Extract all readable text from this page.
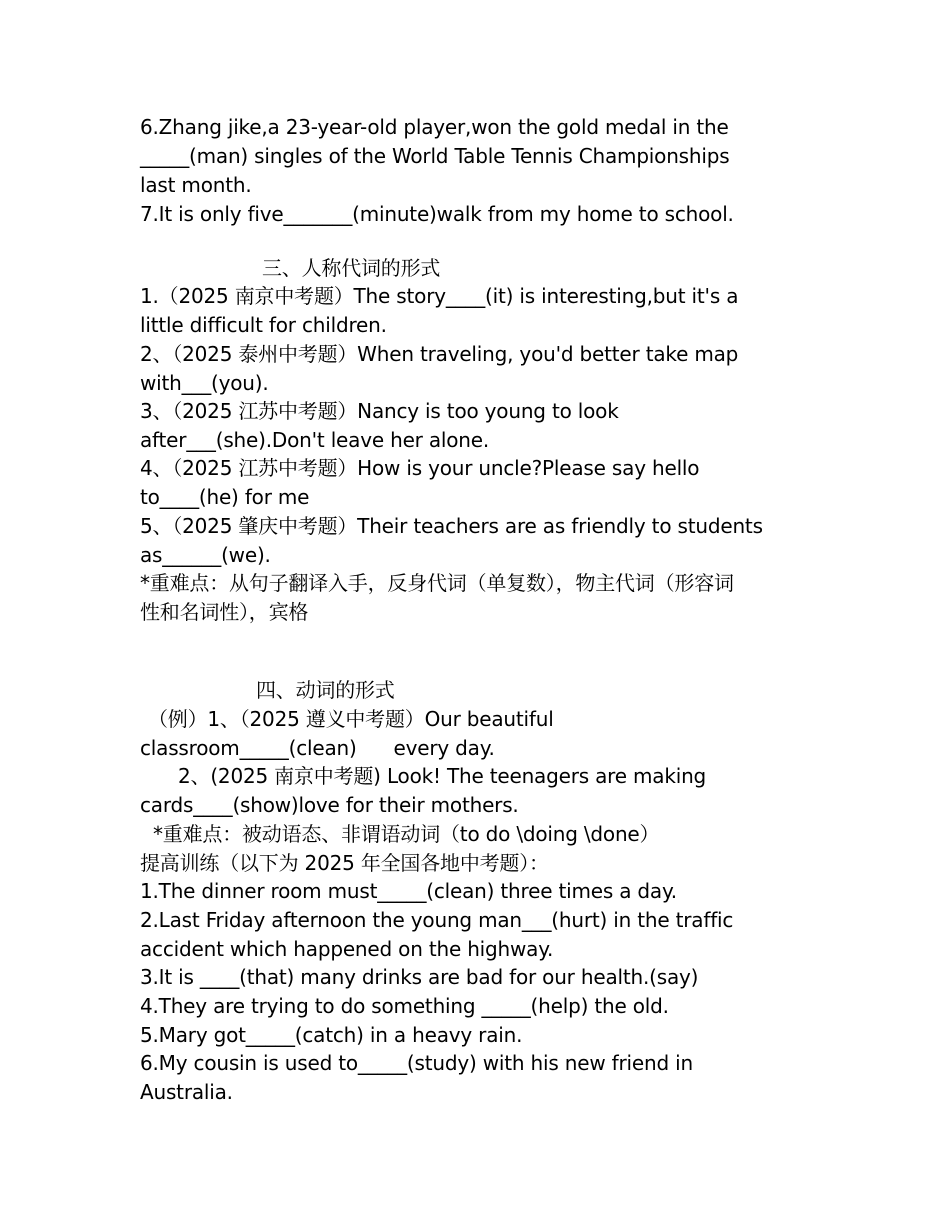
6.Zhang jike,a 23-year-old player,won the gold medal in the
_____(man) singles of the World Table Tennis Championships
last month.
7.It is only five_______(minute)walk from my home to school.
三、人称代词的形式
1.（2025 南京中考题）The story____(it) is interesting,but it's a
little difficult for children.
2、（2025 泰州中考题）When traveling, you'd better take map
with___(you).
3、（2025 江苏中考题）Nancy is too young to look
after___(she).Don't leave her alone.
4、（2025 江苏中考题）How is your uncle?Please say hello
to____(he) for me
5、（2025 肇庆中考题）Their teachers are as friendly to students
as______(we).
*重难点：从句子翻译入手，反身代词（单复数），物主代词（形容词
性和名词性），宾格
四、动词的形式
（例）1、（2025 遵义中考题）Our beautiful
classroom_____(clean)      every day.
2、(2025 南京中考题) Look! The teenagers are making
cards____(show)love for their mothers.
*重难点：被动语态、非谓语动词（to do \doing \done）
提高训练（以下为 2025 年全国各地中考题）：
1.The dinner room must_____(clean) three times a day.
2.Last Friday afternoon the young man___(hurt) in the traffic
accident which happened on the highway.
3.It is ____(that) many drinks are bad for our health.(say)
4.They are trying to do something _____(help) the old.
5.Mary got_____(catch) in a heavy rain.
6.My cousin is used to_____(study) with his new friend in
Australia.
